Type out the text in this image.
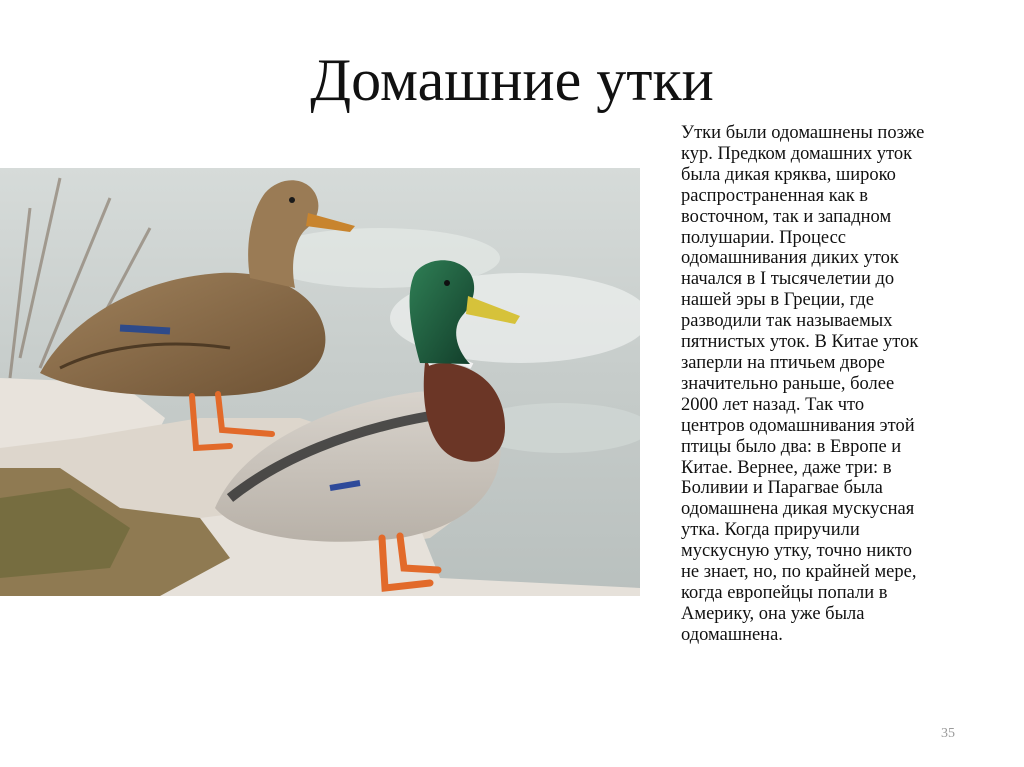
Домашние утки
Утки были одомашнены позже
кур. Предком домашних уток
была дикая кряква, широко
распространенная как в
восточном, так и западном
полушарии. Процесс
одомашнивания диких уток
начался в I тысячелетии до
нашей эры в Греции, где
разводили так называемых
пятнистых уток. В Китае уток
заперли на птичьем дворе
значительно раньше, более
2000 лет назад. Так что
центров одомашнивания этой
птицы было два: в Европе и
Китае. Вернее, даже три: в
Боливии и Парагвае была
одомашнена дикая мускусная
утка. Когда приручили
мускусную утку, точно никто
не знает, но, по крайней мере,
когда европейцы попали в
Америку, она уже была
одомашнена.
35
